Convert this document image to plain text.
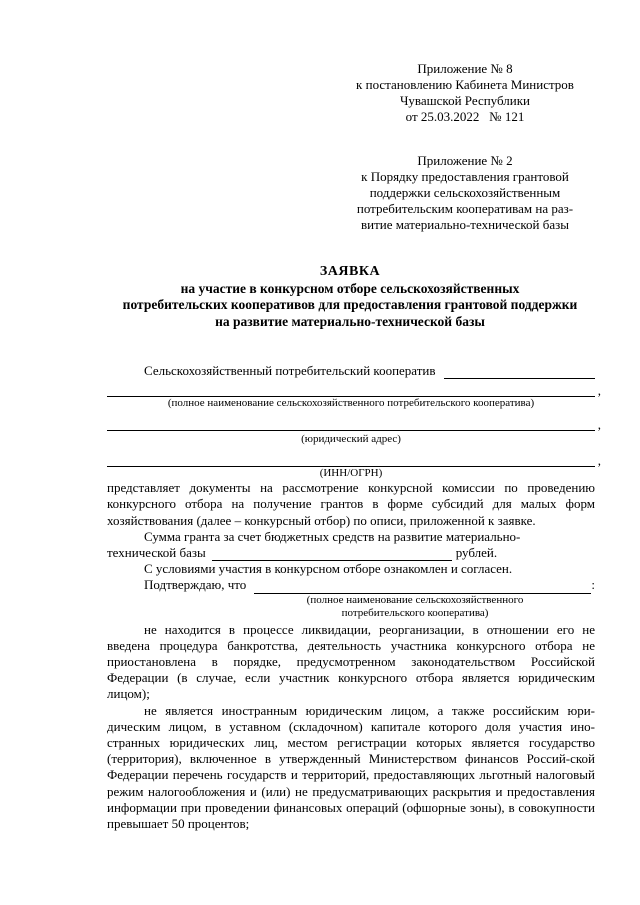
Приложение № 8
к постановлению Кабинета Министров
Чувашской Республики
от 25.03.2022   № 121
Приложение № 2
к Порядку предоставления грантовой
поддержки сельскохозяйственным
потребительским кооперативам на раз-
витие материально-технической базы
ЗАЯВКА
на участие в конкурсном отборе сельскохозяйственных
потребительских кооперативов для предоставления грантовой поддержки
на развитие материально-технической базы
Сельскохозяйственный потребительский кооператив
,
(полное наименование сельскохозяйственного потребительского кооператива)
,
(юридический адрес)
,
(ИНН/ОГРН)

представляет документы на рассмотрение конкурсной комиссии по проведению конкурсного отбора на получение грантов в форме субсидий для малых форм хозяйствования (далее – конкурсный отбор) по описи, приложенной к заявке.

Сумма гранта за счет бюджетных средств на развитие материально-

технической базы	рублей.

С условиями участия в конкурсном отборе ознакомлен и согласен.

Подтверждаю, что	:
(полное наименование сельскохозяйственного
потребительского кооператива)

не находится в процессе ликвидации, реорганизации, в отношении его не введена процедура банкротства, деятельность участника конкурсного отбора не приостановлена в порядке, предусмотренном законодательством Российской Федерации (в случае, если участник конкурсного отбора является юридическим лицом);

не является иностранным юридическим лицом, а также российским юри-дическим лицом, в уставном (складочном) капитале которого доля участия ино-странных юридических лиц, местом регистрации которых является государство (территория), включенное в утвержденный Министерством финансов Россий-ской Федерации перечень государств и территорий, предоставляющих льготный налоговый режим налогообложения и (или) не предусматривающих раскрытия и предоставления информации при проведении финансовых операций (офшорные зоны), в совокупности превышает 50 процентов;
